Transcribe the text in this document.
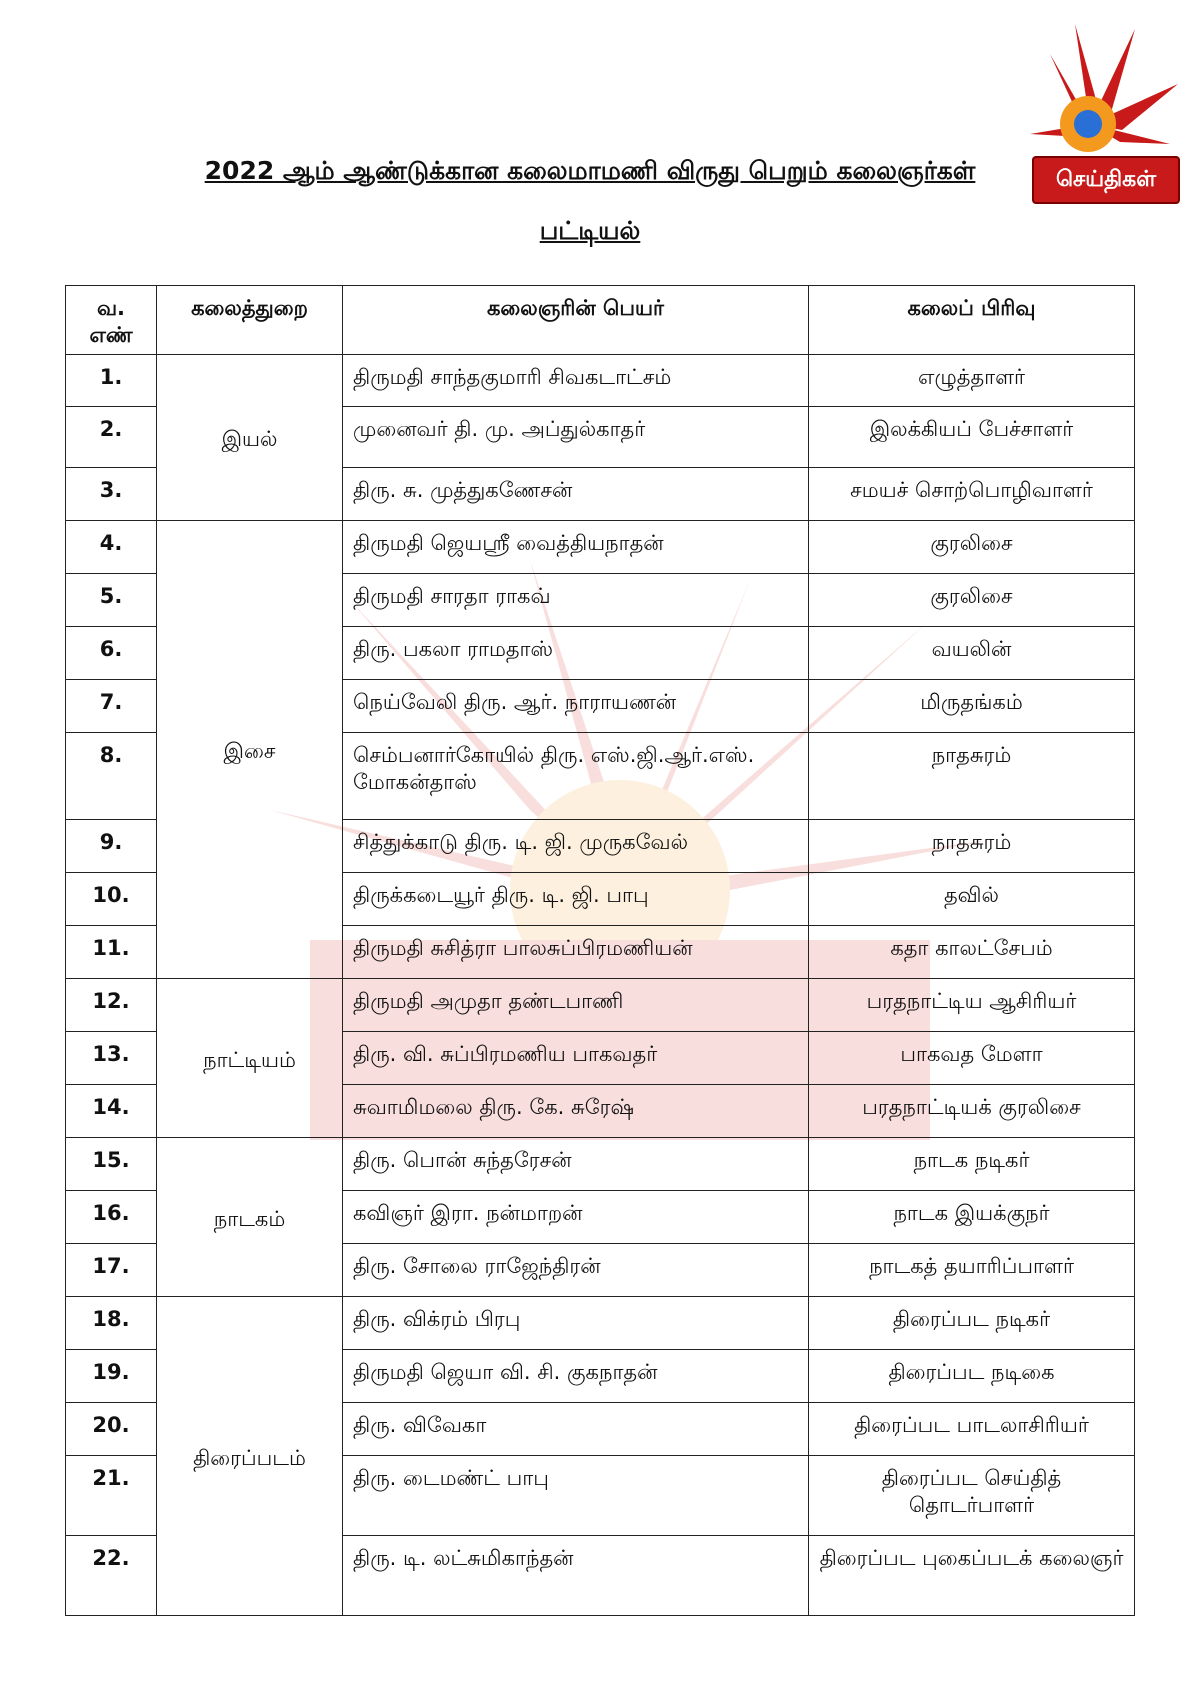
செய்திகள்
2022 ஆம் ஆண்டுக்கான கலைமாமணி விருது பெறும் கலைஞர்கள்
பட்டியல்
வ. எண்	கலைத்துறை	கலைஞரின் பெயர்	கலைப் பிரிவு
1.	இயல்	திருமதி சாந்தகுமாரி சிவகடாட்சம்	எழுத்தாளர்
2.		முனைவர் தி. மு. அப்துல்காதர்	இலக்கியப் பேச்சாளர்
3.		திரு. சு. முத்துகணேசன்	சமயச் சொற்பொழிவாளர்
4.	இசை	திருமதி ஜெயஸ்ரீ வைத்தியநாதன்	குரலிசை
5.		திருமதி சாரதா ராகவ்	குரலிசை
6.		திரு. பகலா ராமதாஸ்	வயலின்
7.		நெய்வேலி திரு. ஆர். நாராயணன்	மிருதங்கம்
8.		செம்பனார்கோயில் திரு. எஸ்.ஜி.ஆர்.எஸ். மோகன்தாஸ்	நாதசுரம்
9.		சித்துக்காடு திரு. டி. ஜி. முருகவேல்	நாதசுரம்
10.		திருக்கடையூர் திரு. டி. ஜி. பாபு	தவில்
11.		திருமதி சுசித்ரா பாலசுப்பிரமணியன்	கதா காலட்சேபம்
12.	நாட்டியம்	திருமதி அமுதா தண்டபாணி	பரதநாட்டிய ஆசிரியர்
13.		திரு. வி. சுப்பிரமணிய பாகவதர்	பாகவத மேளா
14.		சுவாமிமலை திரு. கே. சுரேஷ்	பரதநாட்டியக் குரலிசை
15.	நாடகம்	திரு. பொன் சுந்தரேசன்	நாடக நடிகர்
16.		கவிஞர் இரா. நன்மாறன்	நாடக இயக்குநர்
17.		திரு. சோலை ராஜேந்திரன்	நாடகத் தயாரிப்பாளர்
18.	திரைப்படம்	திரு. விக்ரம் பிரபு	திரைப்பட நடிகர்
19.		திருமதி ஜெயா வி. சி. குகநாதன்	திரைப்பட நடிகை
20.		திரு. விவேகா	திரைப்பட பாடலாசிரியர்
21.		திரு. டைமண்ட் பாபு	திரைப்பட செய்தித் தொடர்பாளர்
22.		திரு. டி. லட்சுமிகாந்தன்	திரைப்பட புகைப்படக் கலைஞர்
